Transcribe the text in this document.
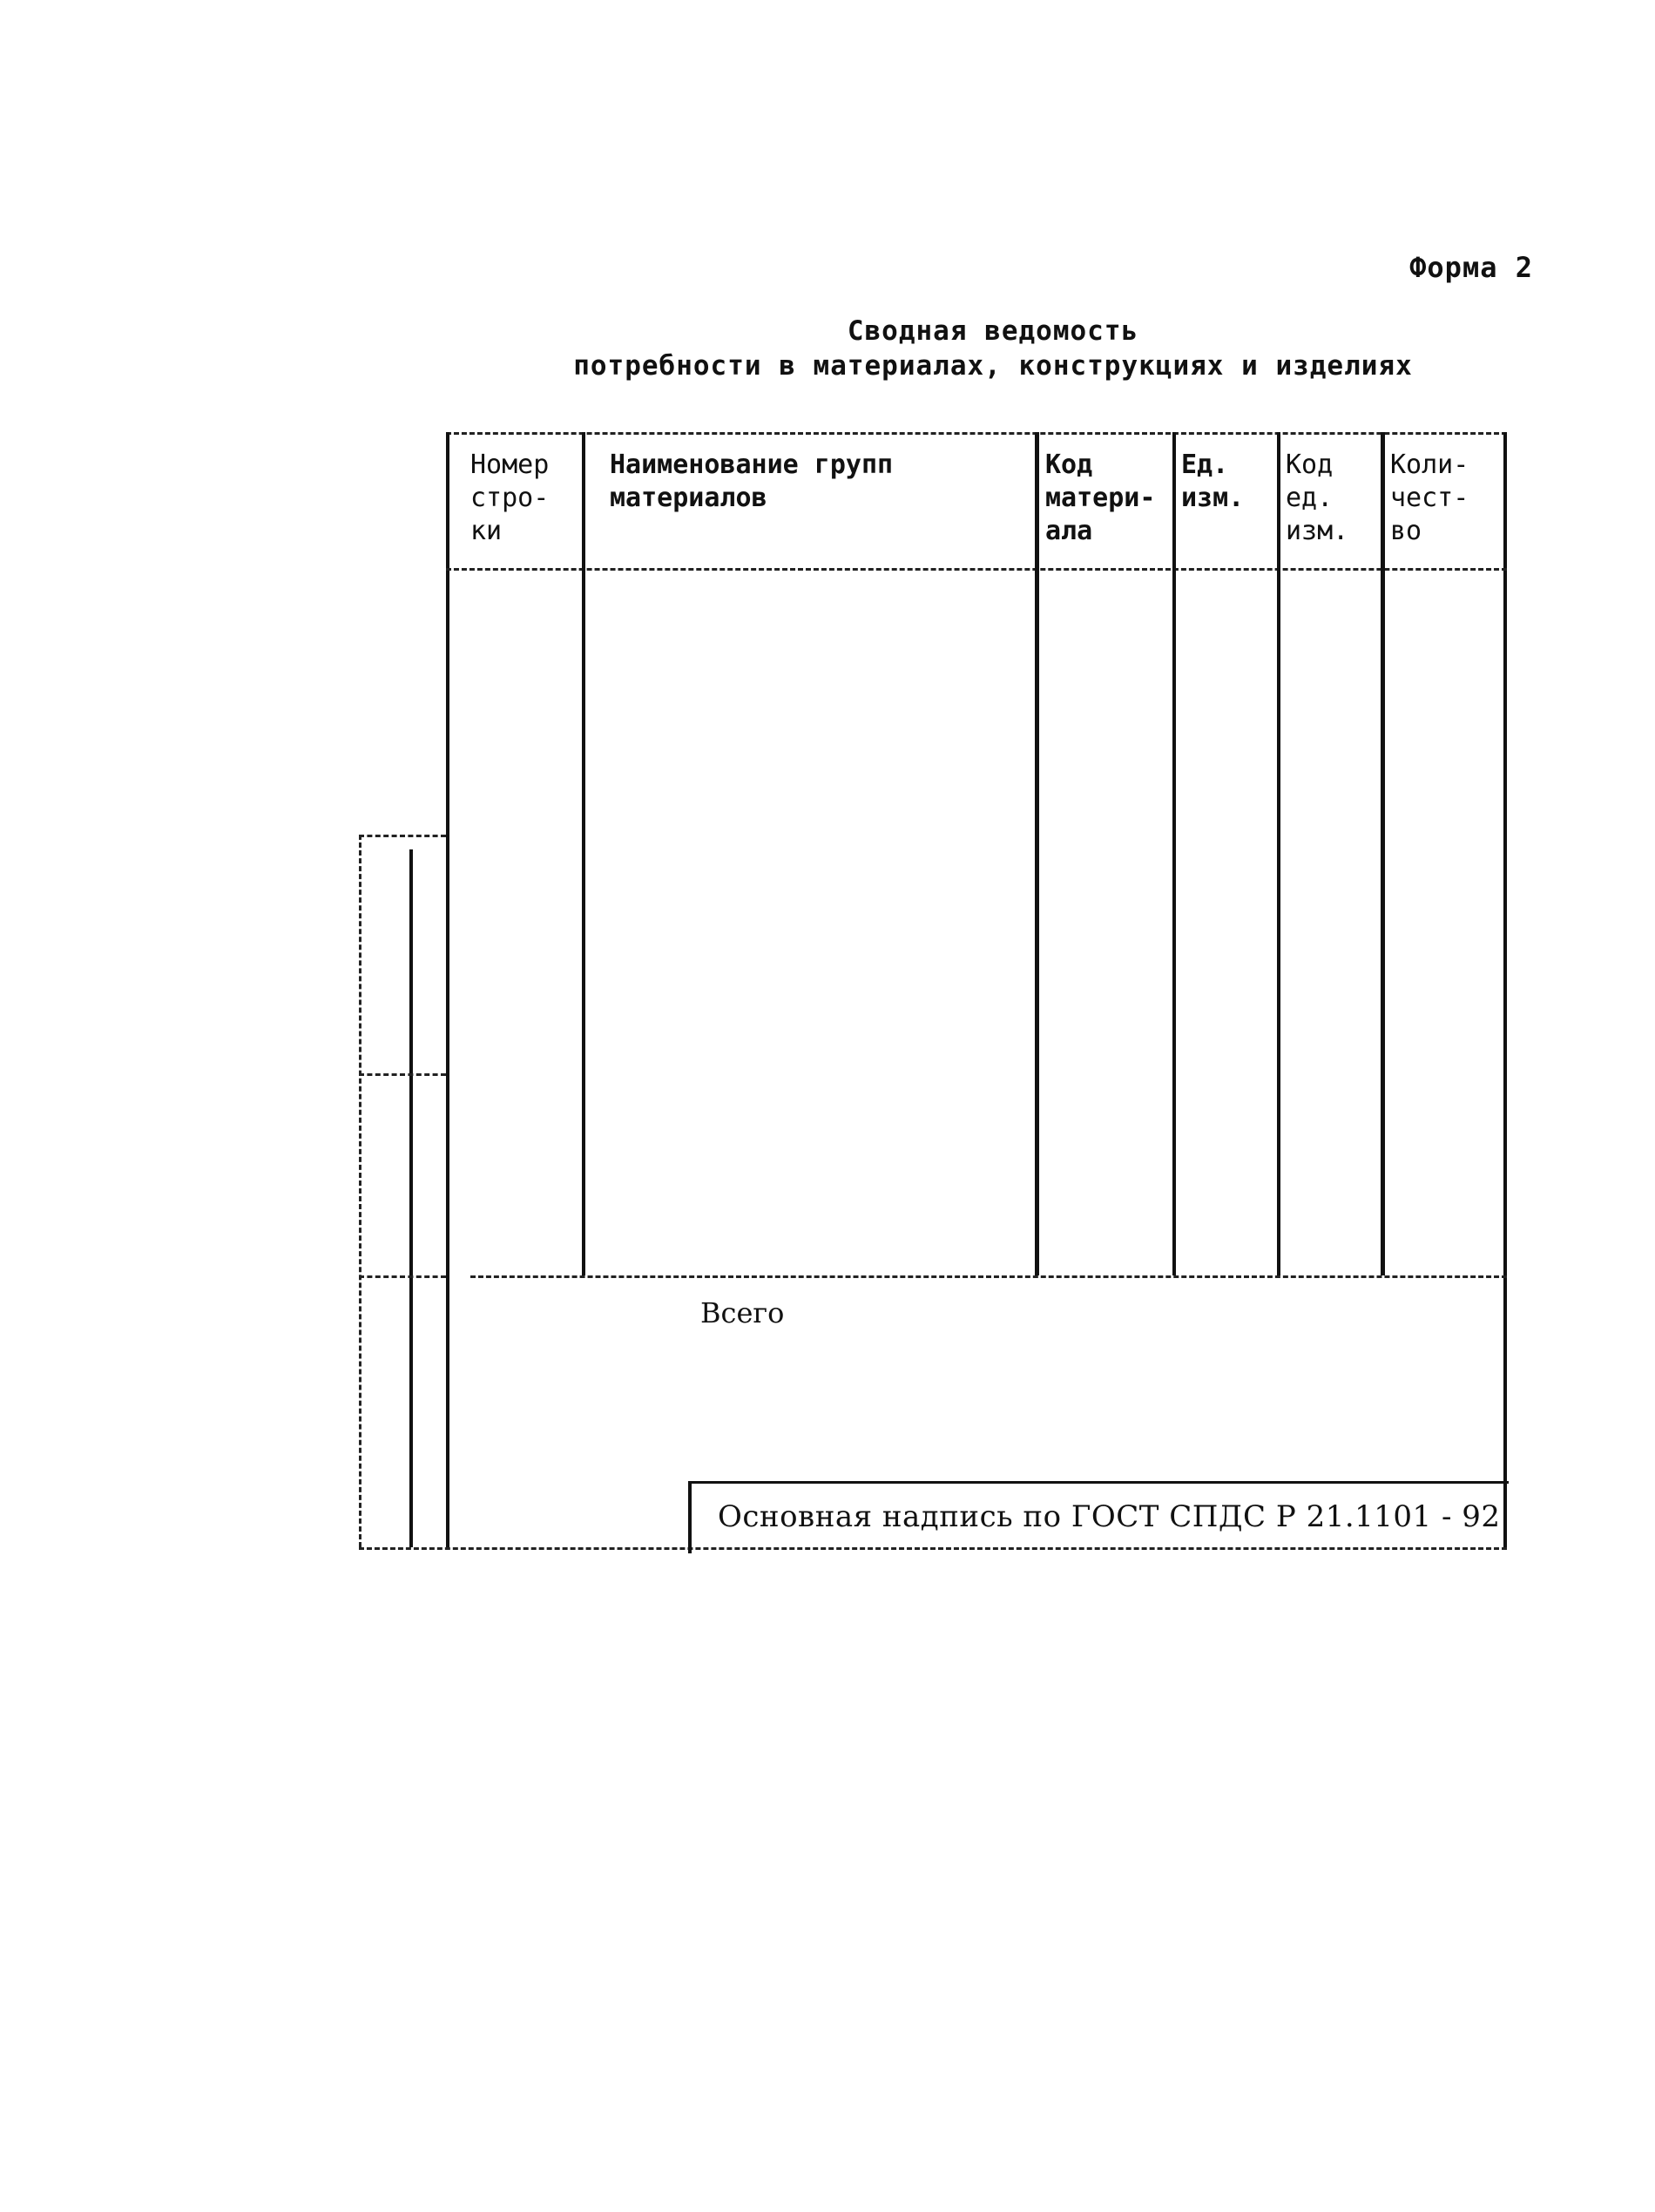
Форма 2
Сводная ведомость
потребности в материалах, конструкциях и изделиях
Номер
стро-
ки
Наименование групп
материалов
Код
матери-
ала
Ед.
изм.
Код
ед.
изм.
Коли-
чест-
во
Всего
Основная надпись по ГОСТ СПДС Р 21.1101 - 92
